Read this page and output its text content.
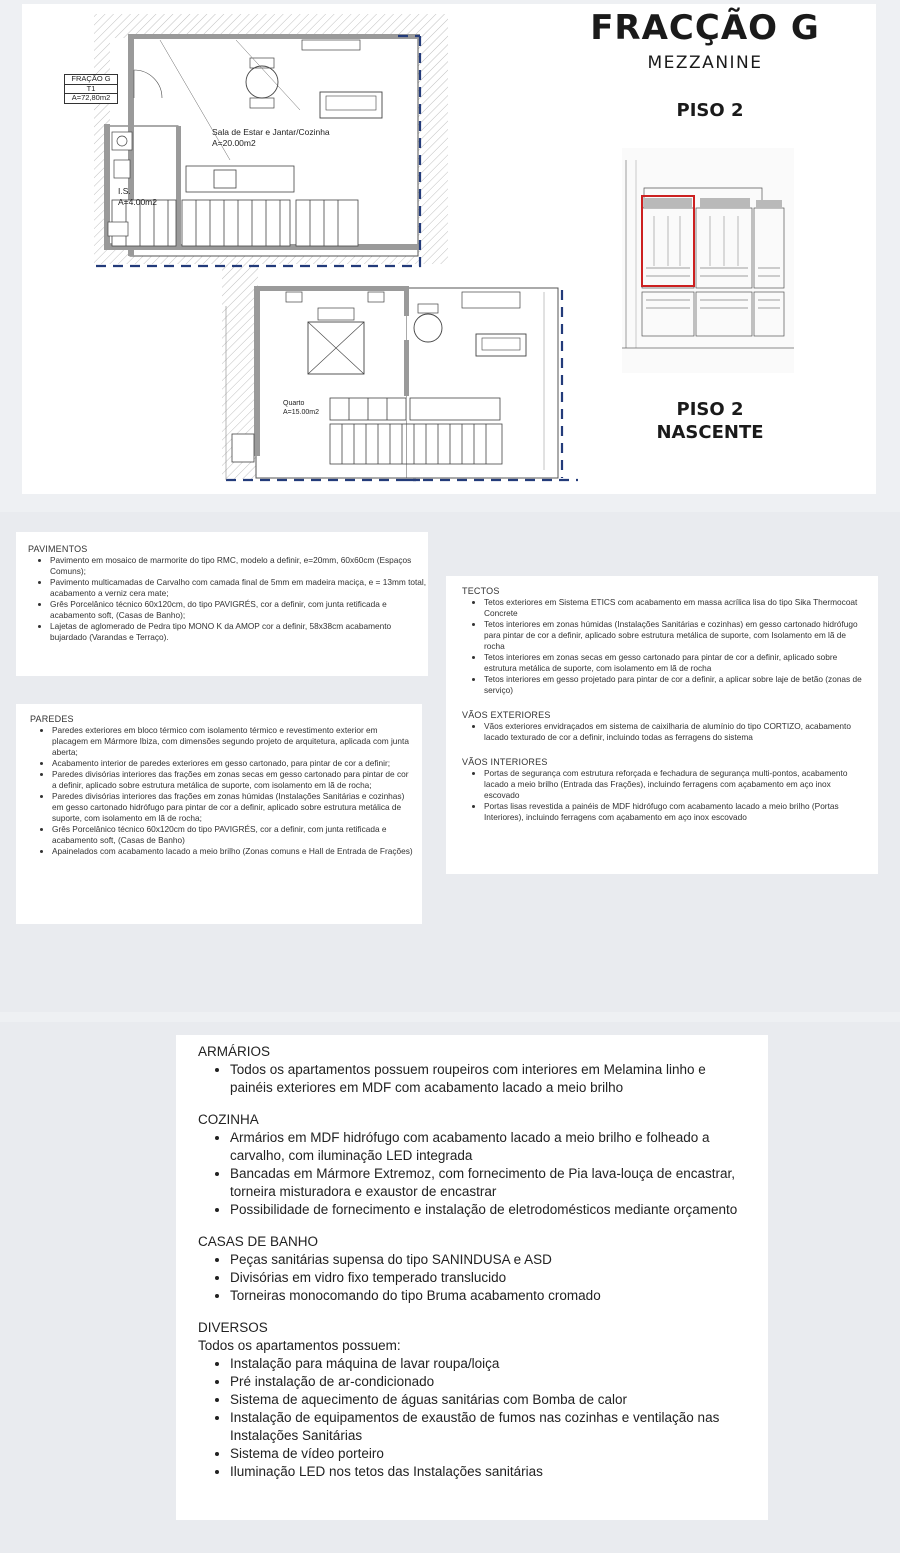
FRAÇÃO G
T1
A=72,80m2
Sala de Estar e Jantar/Cozinha
A=20.00m2
I.S.
A=4.00m2
Quarto
A=15.00m2
FRACÇÃO G
MEZZANINE
PISO 2
PISO 2
NASCENTE
PAVIMENTOS
• Pavimento em mosaico de marmorite do tipo RMC, modelo a definir, e=20mm, 60x60cm (Espaços Comuns);
• Pavimento multicamadas de Carvalho com camada final de 5mm em madeira maciça, e = 13mm total, acabamento a verniz cera mate;
• Grês Porcelânico técnico 60x120cm, do tipo PAVIGRÉS, cor a definir, com junta retificada e acabamento soft, (Casas de Banho);
• Lajetas de aglomerado de Pedra tipo MONO K da AMOP cor a definir, 58x38cm acabamento bujardado (Varandas e Terraço).
PAREDES
• Paredes exteriores em bloco térmico com isolamento térmico e revestimento exterior em placagem em Mármore Ibiza, com dimensões segundo projeto de arquitetura, aplicada com junta aberta;
• Acabamento interior de paredes exteriores em gesso cartonado, para pintar de cor a definir;
• Paredes divisórias interiores das frações em zonas secas em gesso cartonado para pintar de cor a definir, aplicado sobre estrutura metálica de suporte, com isolamento em lã de rocha;
• Paredes divisórias interiores das frações em zonas húmidas (Instalações Sanitárias e cozinhas) em gesso cartonado hidrófugo para pintar de cor a definir, aplicado sobre estrutura metálica de suporte, com isolamento em lã de rocha;
• Grês Porcelânico técnico 60x120cm do tipo PAVIGRÉS, cor a definir, com junta retificada e acabamento soft, (Casas de Banho)
• Apainelados com acabamento lacado a meio brilho (Zonas comuns e Hall de Entrada de Frações)
TECTOS
• Tetos exteriores em Sistema ETICS com acabamento em massa acrílica lisa do tipo Sika Thermocoat Concrete
• Tetos interiores em zonas húmidas (Instalações Sanitárias e cozinhas) em gesso cartonado hidrófugo para pintar de cor a definir, aplicado sobre estrutura metálica de suporte, com Isolamento em lã de rocha
• Tetos interiores em zonas secas em gesso cartonado para pintar de cor a definir, aplicado sobre estrutura metálica de suporte, com isolamento em lã de rocha
• Tetos interiores em gesso projetado para pintar de cor a definir, a aplicar sobre laje de betão (zonas de serviço)
VÃOS EXTERIORES
• Vãos exteriores envidraçados em sistema de caixilharia de alumínio do tipo CORTIZO, acabamento lacado texturado de cor a definir, incluindo todas as ferragens do sistema
VÃOS INTERIORES
• Portas de segurança com estrutura reforçada e fechadura de segurança multi-pontos, acabamento lacado a meio brilho (Entrada das Frações), incluindo ferragens com açabamento em aço inox escovado
• Portas lisas revestida a painéis de MDF hidrófugo com acabamento lacado a meio brilho (Portas Interiores), incluindo ferragens com açabamento em aço inox escovado
ARMÁRIOS
• Todos os apartamentos possuem roupeiros com interiores em Melamina linho e painéis exteriores em MDF com acabamento lacado a meio brilho
COZINHA
• Armários em MDF hidrófugo com acabamento lacado a meio brilho e folheado a carvalho, com iluminação LED integrada
• Bancadas em Mármore Extremoz, com fornecimento de Pia lava-louça de encastrar, torneira misturadora e exaustor de encastrar
• Possibilidade de fornecimento e instalação de eletrodomésticos mediante orçamento
CASAS DE BANHO
• Peças sanitárias supensa do tipo SANINDUSA e ASD
• Divisórias em vidro fixo temperado translucido
• Torneiras monocomando do tipo Bruma acabamento cromado
DIVERSOS
Todos os apartamentos possuem:
• Instalação para máquina de lavar roupa/loiça
• Pré instalação de ar-condicionado
• Sistema de aquecimento de águas sanitárias com Bomba de calor
• Instalação de equipamentos de exaustão de fumos nas cozinhas e ventilação nas Instalações Sanitárias
• Sistema de vídeo porteiro
• Iluminação LED nos tetos das Instalações sanitárias
